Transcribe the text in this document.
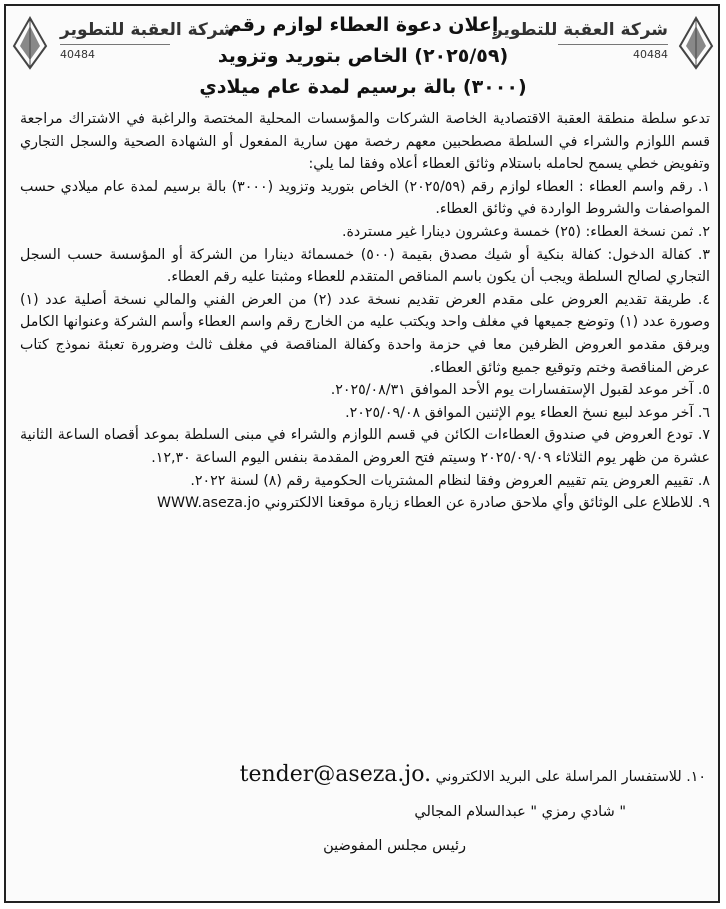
شركة العقبة للتطوير
40484
شركة العقبة للتطوير
40484
إعلان دعوة العطاء لوازم رقم
(٢٠٢٥/٥٩) الخاص بتوريد وتزويد
(٣٠٠٠) بالة برسيم لمدة عام ميلادي

تدعو سلطة منطقة العقبة الاقتصادية الخاصة الشركات والمؤسسات المحلية المختصة والراغبة في الاشتراك مراجعة قسم اللوازم والشراء في السلطة مصطحبين معهم رخصة مهن سارية المفعول أو الشهادة الصحية والسجل التجاري وتفويض خطي يسمح لحامله باستلام وثائق العطاء أعلاه وفقا لما يلي:

١. رقم واسم العطاء : العطاء لوازم رقم (٢٠٢٥/٥٩) الخاص بتوريد وتزويد (٣٠٠٠) بالة برسيم لمدة عام ميلادي حسب المواصفات والشروط الواردة في وثائق العطاء.

٢. ثمن نسخة العطاء: (٢٥) خمسة وعشرون دينارا غير مستردة.

٣. كفالة الدخول: كفالة بنكية أو شيك مصدق بقيمة (٥٠٠) خمسمائة دينارا من الشركة أو المؤسسة حسب السجل التجاري لصالح السلطة ويجب أن يكون باسم المناقص المتقدم للعطاء ومثبتا عليه رقم العطاء.

٤. طريقة تقديم العروض على مقدم العرض تقديم نسخة عدد (٢) من العرض الفني والمالي نسخة أصلية عدد (١) وصورة عدد (١) وتوضع جميعها في مغلف واحد ويكتب عليه من الخارج رقم واسم العطاء وأسم الشركة وعنوانها الكامل ويرفق مقدمو العروض الظرفين معا في حزمة واحدة وكفالة المناقصة في مغلف ثالث وضرورة تعبئة نموذج كتاب عرض المناقصة وختم وتوقيع جميع وثائق العطاء.

٥. آخر موعد لقبول الإستفسارات يوم الأحد الموافق ٢٠٢٥/٠٨/٣١.

٦. آخر موعد لبيع نسخ العطاء يوم الإثنين الموافق ٢٠٢٥/٠٩/٠٨.

٧. تودع العروض في صندوق العطاءات الكائن في قسم اللوازم والشراء في مبنى السلطة بموعد أقصاه الساعة الثانية عشرة من ظهر يوم الثلاثاء ٢٠٢٥/٠٩/٠٩ وسيتم فتح العروض المقدمة بنفس اليوم الساعة ١٢,٣٠.

٨. تقييم العروض يتم تقييم العروض وفقا لنظام المشتريات الحكومية رقم (٨) لسنة ٢٠٢٢.

٩. للاطلاع على الوثائق وأي ملاحق صادرة عن العطاء زيارة موقعنا الالكتروني WWW.aseza.jo

١٠. للاستفسار المراسلة على البريد الالكتروني tender@aseza.jo.
" شادي رمزي " عبدالسلام المجالي
رئيس مجلس المفوضين
